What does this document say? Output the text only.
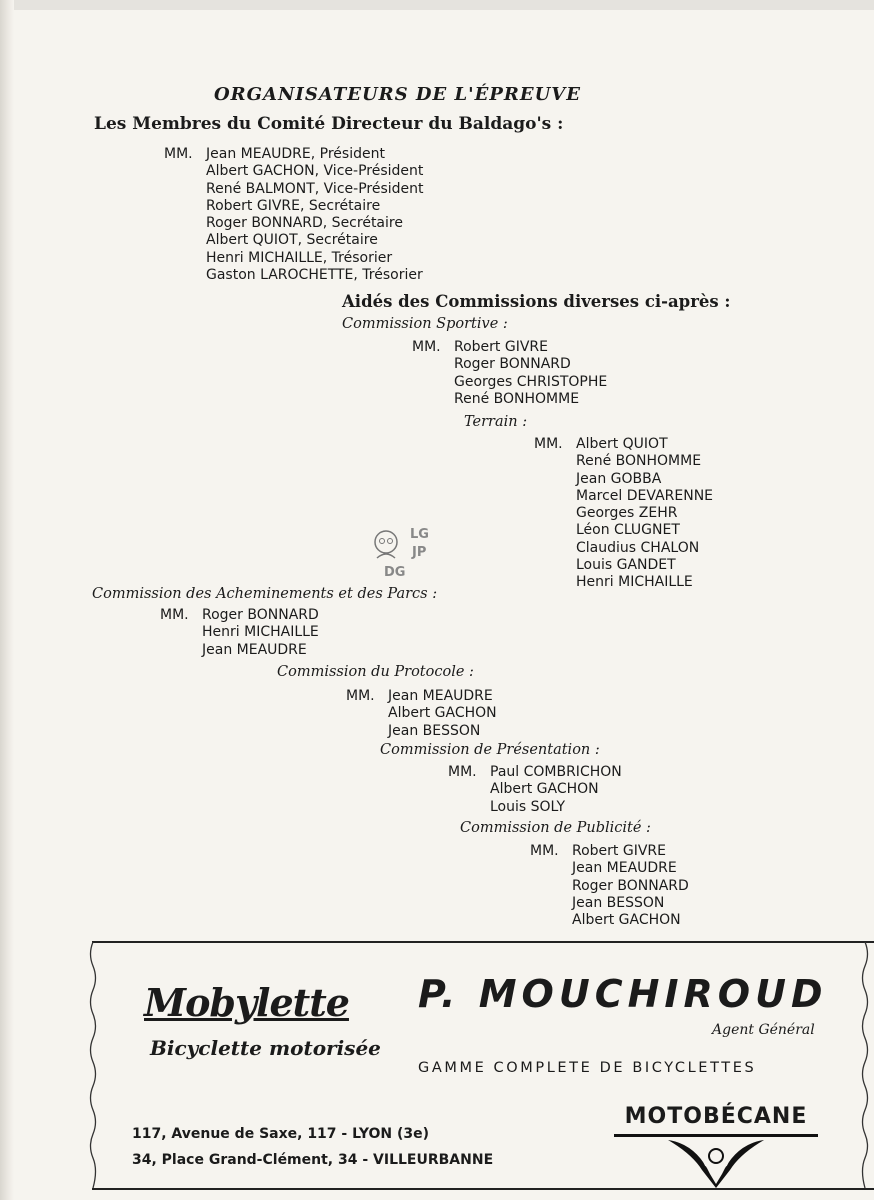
ORGANISATEURS DE L'ÉPREUVE
Les Membres du Comité Directeur du Baldago's :
MM. Jean MEAUDRE, Président
Albert GACHON, Vice-Président
René BALMONT, Vice-Président
Robert GIVRE, Secrétaire
Roger BONNARD, Secrétaire
Albert QUIOT, Secrétaire
Henri MICHAILLE, Trésorier
Gaston LAROCHETTE, Trésorier
Aidés des Commissions diverses ci-après :
Commission Sportive :
MM. Robert GIVRE
Roger BONNARD
Georges CHRISTOPHE
René BONHOMME
Terrain :
MM. Albert QUIOT
René BONHOMME
Jean GOBBA
Marcel DEVARENNE
Georges ZEHR
Léon CLUGNET
Claudius CHALON
Louis GANDET
Henri MICHAILLE
LG
JP
DG
Commission des Acheminements et des Parcs :
MM. Roger BONNARD
Henri MICHAILLE
Jean MEAUDRE
Commission du Protocole :
MM. Jean MEAUDRE
Albert GACHON
Jean BESSON
Commission de Présentation :
MM. Paul COMBRICHON
Albert GACHON
Louis SOLY
Commission de Publicité :
MM. Robert GIVRE
Jean MEAUDRE
Roger BONNARD
Jean BESSON
Albert GACHON
Mobylette
Bicyclette motorisée
P. MOUCHIROUD
Agent Général
GAMME COMPLETE DE BICYCLETTES
117, Avenue de Saxe, 117 - LYON (3e)
34, Place Grand-Clément, 34 - VILLEURBANNE
MOTOBÉCANE
